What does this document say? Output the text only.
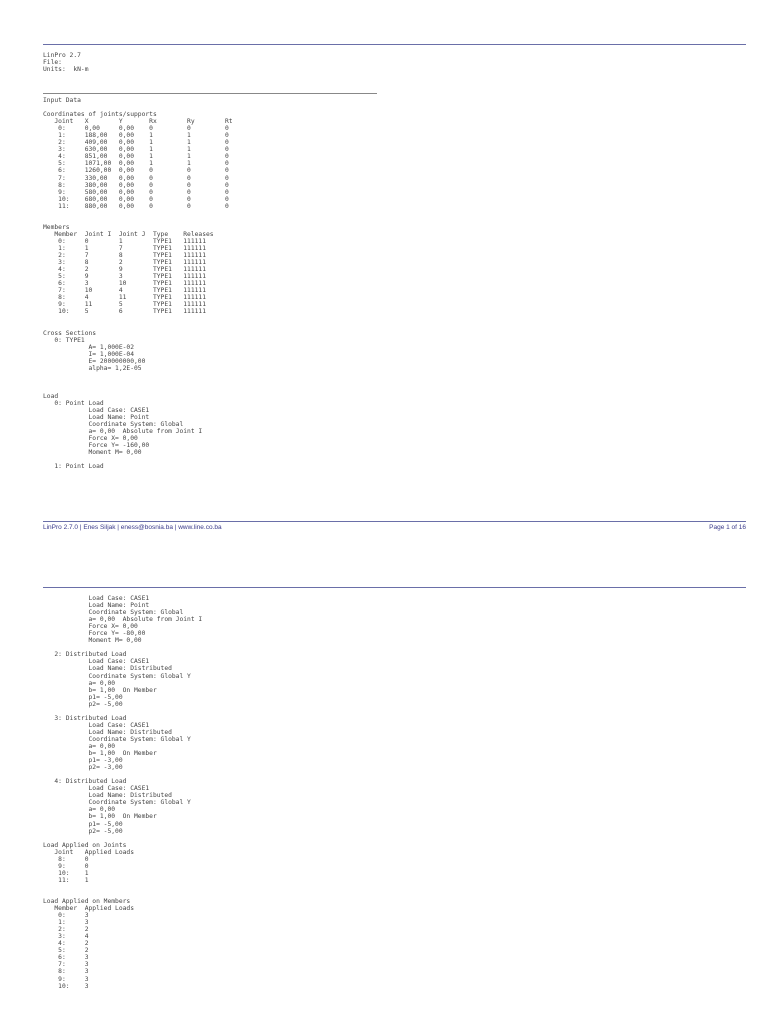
LinPro 2.7
File:
Units:  kN-m
Input Data

Coordinates of joints/supports
Joint   X        Y       Rx        Ry        Rt
0:     0,00     0,00    0         0         0
1:     188,00   0,00    1         1         0
2:     409,00   0,00    1         1         0
3:     630,00   0,00    1         1         0
4:     851,00   0,00    1         1         0
5:     1071,00  0,00    1         1         0
6:     1260,00  0,00    0         0         0
7:     330,00   0,00    0         0         0
8:     380,00   0,00    0         0         0
9:     580,00   0,00    0         0         0
10:    680,00   0,00    0         0         0
11:    880,00   0,00    0         0         0

Members
Member  Joint I  Joint J  Type    Releases
0:     0        1        TYPE1   111111
1:     1        7        TYPE1   111111
2:     7        8        TYPE1   111111
3:     8        2        TYPE1   111111
4:     2        9        TYPE1   111111
5:     9        3        TYPE1   111111
6:     3        10       TYPE1   111111
7:     10       4        TYPE1   111111
8:     4        11       TYPE1   111111
9:     11       5        TYPE1   111111
10:    5        6        TYPE1   111111

Cross Sections
0: TYPE1
A= 1,000E-02
I= 1,000E-04
E= 200000000,00
alpha= 1,2E-05

Load
0: Point Load
Load Case: CASE1
Load Name: Point
Coordinate System: Global
a= 0,00  Absolute from Joint I
Force X= 0,00
Force Y= -160,00
Moment M= 0,00

1: Point Load
LinPro 2.7.0 | Enes Siljak | eness@bosnia.ba | www.line.co.ba	Page 1 of 16
Load Case: CASE1
Load Name: Point
Coordinate System: Global
a= 0,00  Absolute from Joint I
Force X= 0,00
Force Y= -80,00
Moment M= 0,00

2: Distributed Load
Load Case: CASE1
Load Name: Distributed
Coordinate System: Global Y
a= 0,00
b= 1,00  On Member
p1= -5,00
p2= -5,00

3: Distributed Load
Load Case: CASE1
Load Name: Distributed
Coordinate System: Global Y
a= 0,00
b= 1,00  On Member
p1= -3,00
p2= -3,00

4: Distributed Load
Load Case: CASE1
Load Name: Distributed
Coordinate System: Global Y
a= 0,00
b= 1,00  On Member
p1= -5,00
p2= -5,00

Load Applied on Joints
Joint   Applied Loads
8:     0
9:     0
10:    1
11:    1

Load Applied on Members
Member  Applied Loads
0:     3
1:     3
2:     2
3:     4
4:     2
5:     2
6:     3
7:     3
8:     3
9:     3
10:    3
